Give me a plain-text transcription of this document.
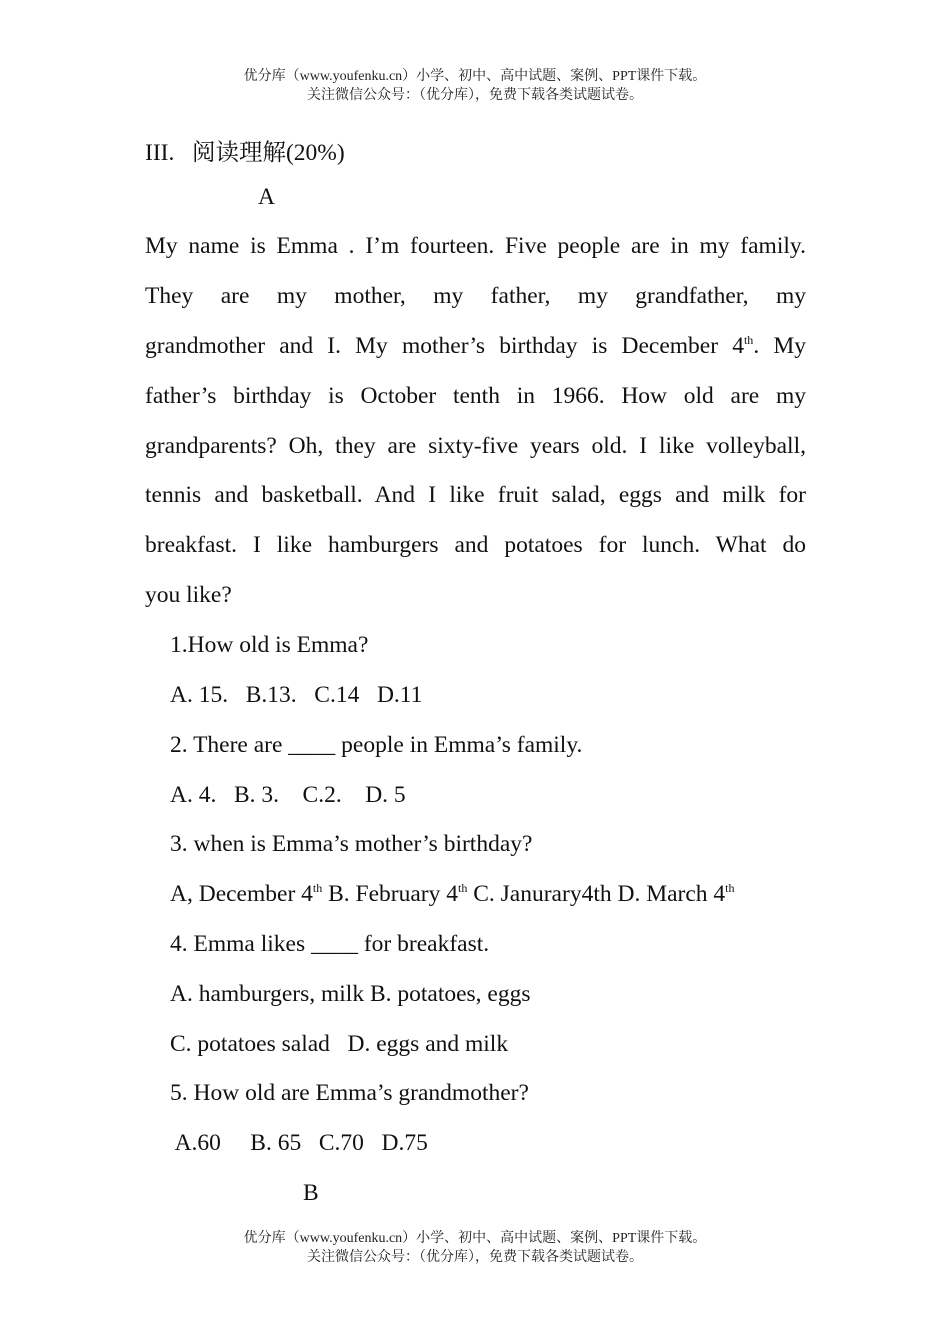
优分库（www.youfenku.cn）小学、初中、高中试题、案例、PPT课件下载。
关注微信公众号：（优分库），免费下载各类试题试卷。
III. 阅读理解(20%)
A
My name is Emma . I’m fourteen. Five people are in my family.
They are my mother, my father, my grandfather, my
grandmother and I. My mother’s birthday is December 4th. My
father’s birthday is October tenth in 1966. How old are my
grandparents? Oh, they are sixty-five years old. I like volleyball,
tennis and basketball. And I like fruit salad, eggs and milk for
breakfast. I like hamburgers and potatoes for lunch. What do
you like?
1.How old is Emma?
A. 15.   B.13.   C.14   D.11
2. There are ____ people in Emma’s family.
A. 4.   B. 3.    C.2.    D. 5
3. when is Emma’s mother’s birthday?
A, December 4th B. February 4th C. Janurary4th D. March 4th
4. Emma likes ____ for breakfast.
A. hamburgers, milk B. potatoes, eggs
C. potatoes salad   D. eggs and milk
5. How old are Emma’s grandmother?
A.60     B. 65   C.70   D.75
B
优分库（www.youfenku.cn）小学、初中、高中试题、案例、PPT课件下载。
关注微信公众号：（优分库），免费下载各类试题试卷。
